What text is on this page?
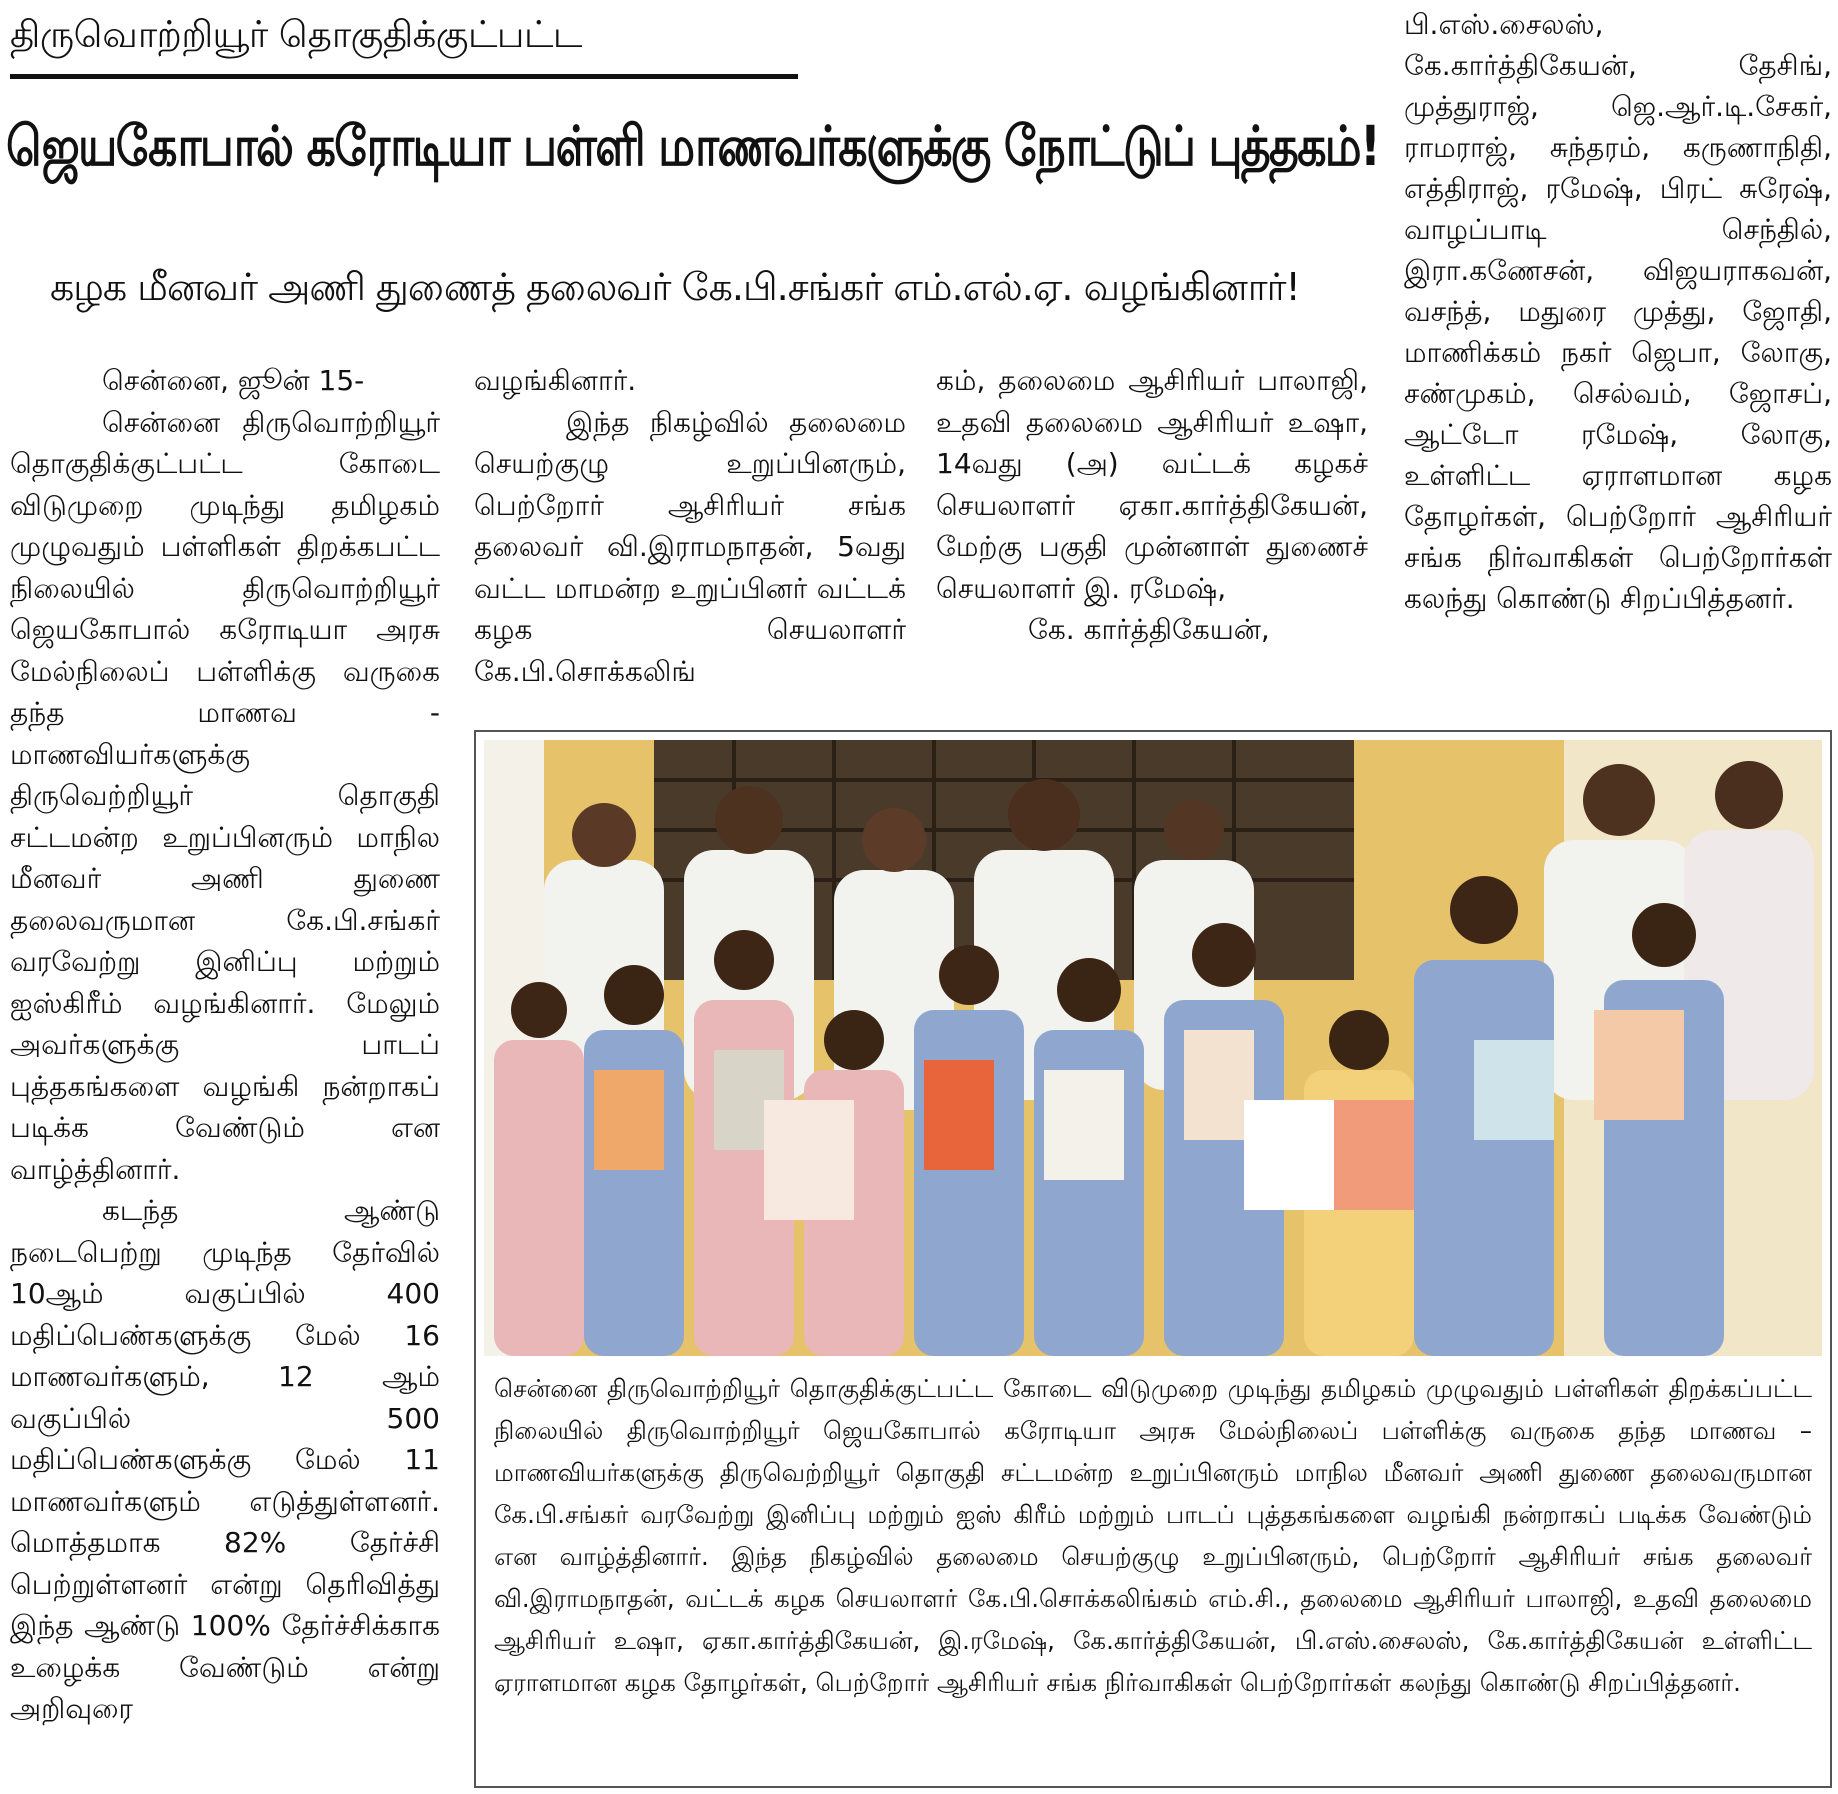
திருவொற்றியூர் தொகுதிக்குட்பட்ட
ஜெயகோபால் கரோடியா பள்ளி மாணவர்களுக்கு நோட்டுப் புத்தகம்!
கழக மீனவர் அணி துணைத் தலைவர் கே.பி.சங்கர் எம்.எல்.ஏ. வழங்கினார்!

சென்னை, ஜூன் 15-

சென்னை திருவொற்றியூர் தொகுதிக்குட்பட்ட கோடை விடுமுறை முடிந்து தமிழகம் முழுவதும் பள்ளிகள் திறக்கபட்ட நிலையில் திருவொற்றியூர் ஜெயகோபால் கரோடியா அரசு மேல்நிலைப் பள்ளிக்கு வருகை தந்த மாணவ - மாணவியர்களுக்கு திருவெற்றியூர் தொகுதி சட்டமன்ற உறுப்பினரும் மாநில மீனவர் அணி துணை தலைவருமான கே.பி.சங்கர் வரவேற்று இனிப்பு மற்றும் ஐஸ்கிரீம் வழங்கினார். மேலும் அவர்களுக்கு பாடப் புத்தகங்களை வழங்கி நன்றாகப் படிக்க வேண்டும் என வாழ்த்தினார்.

கடந்த ஆண்டு நடைபெற்று முடிந்த தேர்வில் 10ஆம் வகுப்பில் 400 மதிப்பெண்களுக்கு மேல் 16 மாணவர்களும், 12 ஆம் வகுப்பில் 500 மதிப்பெண்களுக்கு மேல் 11 மாணவர்களும் எடுத்துள்ளனர். மொத்தமாக 82% தேர்ச்சி பெற்றுள்ளனர் என்று தெரிவித்து இந்த ஆண்டு 100% தேர்ச்சிக்காக உழைக்க வேண்டும் என்று அறிவுரை

வழங்கினார்.

இந்த நிகழ்வில் தலைமை செயற்குழு உறுப்பினரும், பெற்றோர் ஆசிரியர் சங்க தலைவர் வி.இராமநாதன், 5வது வட்ட மாமன்ற உறுப்பினர் வட்டக் கழக செயலாளர் கே.பி.சொக்கலிங்

கம், தலைமை ஆசிரியர் பாலாஜி, உதவி தலைமை ஆசிரியர் உஷா, 14வது (அ) வட்டக் கழகச் செயலாளர் ஏகா.கார்த்திகேயன், மேற்கு பகுதி முன்னாள் துணைச் செயலாளர் இ. ரமேஷ்,

கே. கார்த்திகேயன்,

பி.எஸ்.சைலஸ், கே.கார்த்திகேயன், தேசிங், முத்துராஜ், ஜெ.ஆர்.டி.சேகர், ராமராஜ், சுந்தரம், கருணாநிதி, எத்திராஜ், ரமேஷ், பிரட் சுரேஷ், வாழப்பாடி செந்தில், இரா.கணேசன், விஜயராகவன், வசந்த், மதுரை முத்து, ஜோதி, மாணிக்கம் நகர் ஜெபா, லோகு, சண்முகம், செல்வம், ஜோசப், ஆட்டோ ரமேஷ், லோகு, உள்ளிட்ட ஏராளமான கழக தோழர்கள், பெற்றோர் ஆசிரியர் சங்க நிர்வாகிகள் பெற்றோர்கள் கலந்து கொண்டு சிறப்பித்தனர்.

சென்னை திருவொற்றியூர் தொகுதிக்குட்பட்ட கோடை விடுமுறை முடிந்து தமிழகம் முழுவதும் பள்ளிகள் திறக்கப்பட்ட நிலையில் திருவொற்றியூர் ஜெயகோபால் கரோடியா அரசு மேல்நிலைப் பள்ளிக்கு வருகை தந்த மாணவ –மாணவியர்களுக்கு திருவெற்றியூர் தொகுதி சட்டமன்ற உறுப்பினரும் மாநில மீனவர் அணி துணை தலைவருமான கே.பி.சங்கர் வரவேற்று இனிப்பு மற்றும் ஐஸ் கிரீம் மற்றும் பாடப் புத்தகங்களை வழங்கி நன்றாகப் படிக்க வேண்டும் என வாழ்த்தினார். இந்த நிகழ்வில் தலைமை செயற்குழு உறுப்பினரும், பெற்றோர் ஆசிரியர் சங்க தலைவர் வி.இராமநாதன், வட்டக் கழக செயலாளர் கே.பி.சொக்கலிங்கம் எம்.சி., தலைமை ஆசிரியர் பாலாஜி, உதவி தலைமை ஆசிரியர் உஷா, ஏகா.கார்த்திகேயன், இ.ரமேஷ், கே.கார்த்திகேயன், பி.எஸ்.சைலஸ், கே.கார்த்திகேயன் உள்ளிட்ட ஏராளமான கழக தோழர்கள், பெற்றோர் ஆசிரியர் சங்க நிர்வாகிகள் பெற்றோர்கள் கலந்து கொண்டு சிறப்பித்தனர்.
